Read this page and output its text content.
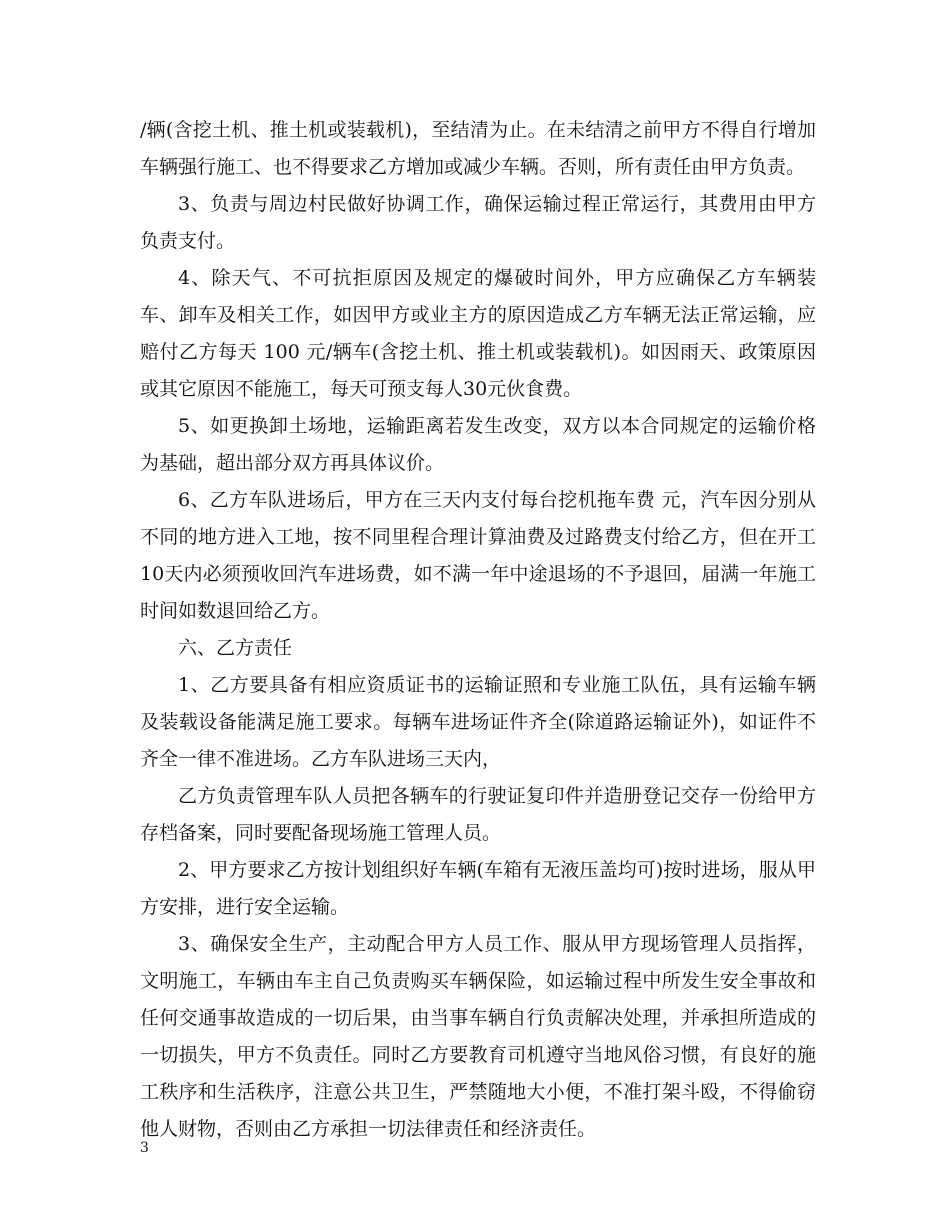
/辆(含挖土机、推土机或装载机)，至结清为止。在未结清之前甲方不得自行增加车辆强行施工、也不得要求乙方增加或减少车辆。否则，所有责任由甲方负责。

3、负责与周边村民做好协调工作，确保运输过程正常运行，其费用由甲方负责支付。

4、除天气、不可抗拒原因及规定的爆破时间外，甲方应确保乙方车辆装车、卸车及相关工作，如因甲方或业主方的原因造成乙方车辆无法正常运输，应赔付乙方每天 100 元/辆车(含挖土机、推土机或装载机)。如因雨天、政策原因或其它原因不能施工，每天可预支每人30元伙食费。

5、如更换卸土场地，运输距离若发生改变，双方以本合同规定的运输价格为基础，超出部分双方再具体议价。

6、乙方车队进场后，甲方在三天内支付每台挖机拖车费 元，汽车因分别从不同的地方进入工地，按不同里程合理计算油费及过路费支付给乙方，但在开工10天内必须预收回汽车进场费，如不满一年中途退场的不予退回，届满一年施工时间如数退回给乙方。

六、乙方责任

1、乙方要具备有相应资质证书的运输证照和专业施工队伍，具有运输车辆及装载设备能满足施工要求。每辆车进场证件齐全(除道路运输证外)，如证件不齐全一律不准进场。乙方车队进场三天内，

乙方负责管理车队人员把各辆车的行驶证复印件并造册登记交存一份给甲方存档备案，同时要配备现场施工管理人员。

2、甲方要求乙方按计划组织好车辆(车箱有无液压盖均可)按时进场，服从甲方安排，进行安全运输。

3、确保安全生产，主动配合甲方人员工作、服从甲方现场管理人员指挥，文明施工，车辆由车主自己负责购买车辆保险，如运输过程中所发生安全事故和任何交通事故造成的一切后果，由当事车辆自行负责解决处理，并承担所造成的一切损失，甲方不负责任。同时乙方要教育司机遵守当地风俗习惯，有良好的施工秩序和生活秩序，注意公共卫生，严禁随地大小便，不准打架斗殴，不得偷窃他人财物，否则由乙方承担一切法律责任和经济责任。

3
